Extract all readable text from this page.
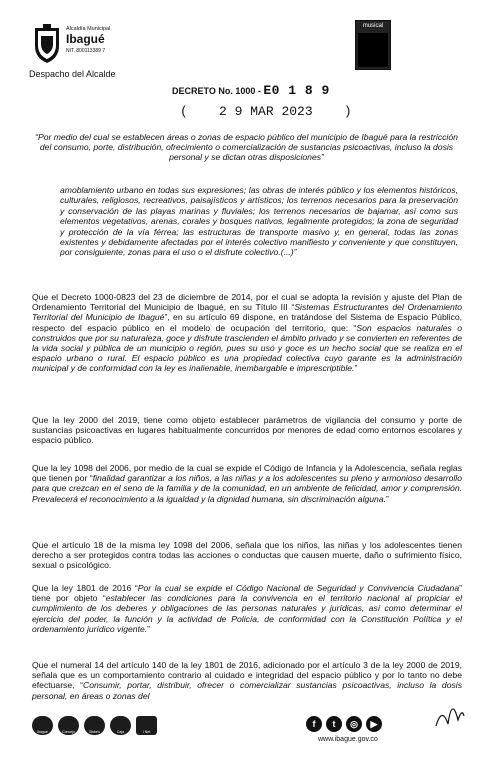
Alcaldía Municipal
Ibagué
NIT. 800113389 7
Despacho del Alcalde
musical
DECRETO No. 1000 - E0 1 8 9
( 2 9 MAR 2023 )
“Por medio del cual se establecen áreas o zonas de espacio público del municipio de Ibagué para la restricción del consumo, porte, distribución, ofrecimiento o comercialización de sustancias psicoactivas, incluso la dosis personal y se dictan otras disposiciones”
amoblamiento urbano en todas sus expresiones; las obras de interés público y los elementos históricos, culturales, religiosos, recreativos, paisajísticos y artísticos; los terrenos necesarios para la preservación y conservación de las playas marinas y fluviales; los terrenos necesarios de bajamar, así como sus elementos vegetativos, arenas, corales y bosques nativos, legalmente protegidos; la zona de seguridad y protección de la vía férrea; las estructuras de transporte masivo y, en general, todas las zonas existentes y debidamente afectadas por el interés colectivo manifiesto y conveniente y que constituyen, por consiguiente, zonas para el uso o el disfrute colectivo.(...)”
Que el Decreto 1000-0823 del 23 de diciembre de 2014, por el cual se adopta la revisión y ajuste del Plan de Ordenamiento Territorial del Municipio de Ibagué, en su Título III “Sistemas Estructurantes del Ordenamiento Territorial del Municipio de Ibagué”, en su artículo 69 dispone, en tratándose del Sistema de Espacio Público, respecto del espacio público en el modelo de ocupación del territorio, que: “Son espacios naturales o construidos que por su naturaleza, goce y disfrute trascienden el ámbito privado y se convierten en referentes de la vida social y pública de un municipio o región, pues su uso y goce es un hecho social que se realiza en el espacio urbano o rural. El espacio público es una propiedad colectiva cuyo garante es la administración municipal y de conformidad con la ley es inalienable, inembargable e imprescriptible.”
Que la ley 2000 del 2019, tiene como objeto establecer parámetros de vigilancia del consumo y porte de sustancias psicoactivas en lugares habitualmente concurridos por menores de edad como entornos escolares y espacio público.
Que la ley 1098 del 2006, por medio de la cual se expide el Código de Infancia y la Adolescencia, señala reglas que tienen por “finalidad garantizar a los niños, a las niñas y a los adolescentes su pleno y armonioso desarrollo para que crezcan en el seno de la familia y de la comunidad, en un ambiente de felicidad, amor y comprensión. Prevalecerá el reconocimiento a la igualdad y la dignidad humana, sin discriminación alguna.”
Que el artículo 18 de la misma ley 1098 del 2006, señala que los niños, las niñas y los adolescentes tienen derecho a ser protegidos contra todas las acciones o conductas que causen muerte, daño o sufrimiento físico, sexual o psicológico.
Que la ley 1801 de 2016 “Por la cual se expide el Código Nacional de Seguridad y Convivencia Ciudadana” tiene por objeto “establecer las condiciones para la convivencia en el territorio nacional al propiciar el cumplimiento de los deberes y obligaciones de las personas naturales y jurídicas, así como determinar el ejercicio del poder, la función y la actividad de Policía, de conformidad con la Constitución Política y el ordenamiento jurídico vigente.”
Que el numeral 14 del artículo 140 de la ley 1801 de 2016, adicionado por el artículo 3 de la ley 2000 de 2019, señala que es un comportamiento contrario al cuidado e integridad del espacio público y por lo tanto no debe efectuarse, “Consumir, portar, distribuir, ofrecer o comercializar sustancias psicoactivas, incluso la dosis personal, en áreas o zonas del
Ibagué	Concejo	Sisbén	Caja	I Net
f	t	◎	▶
www.ibague.gov.co
